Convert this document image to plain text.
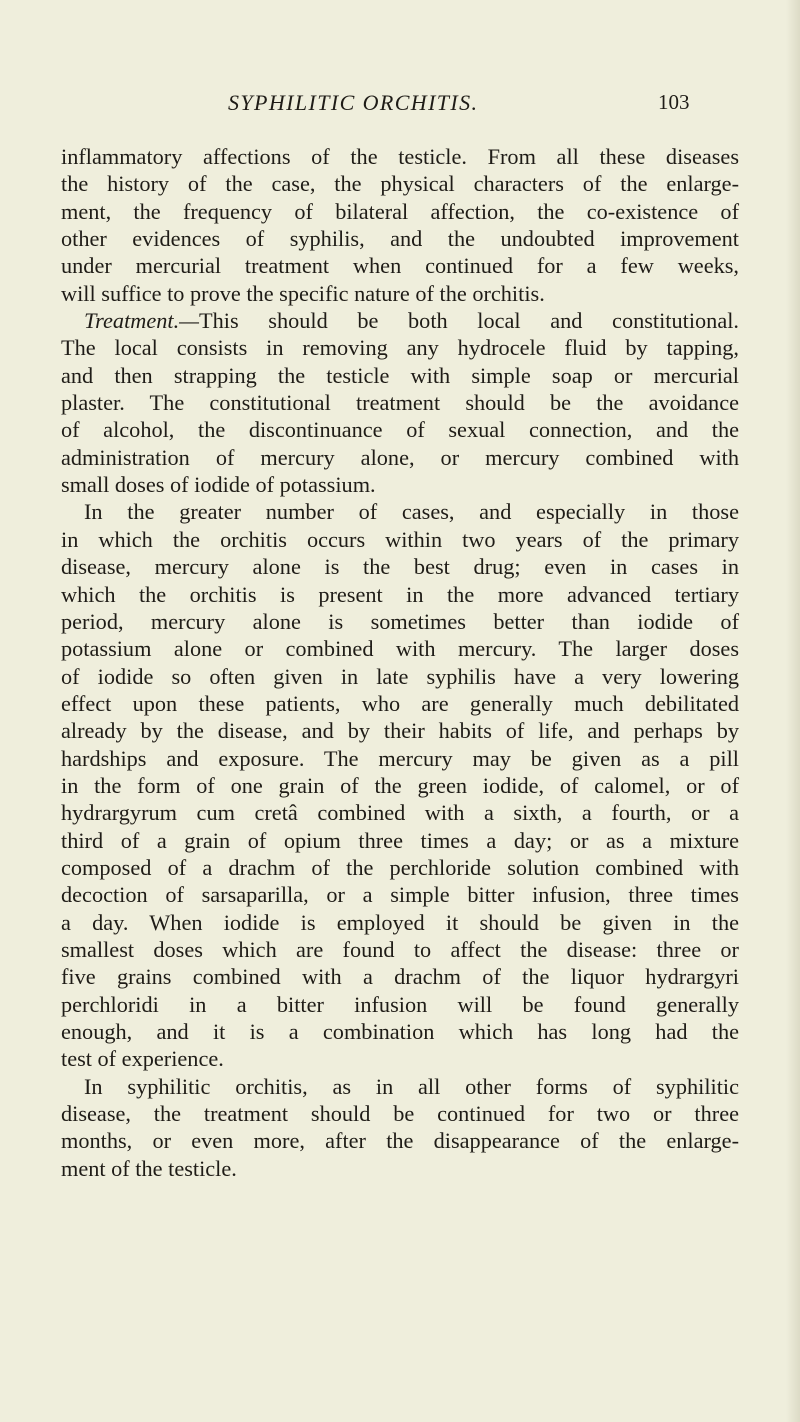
SYPHILITIC ORCHITIS.	103
inflammatory affections of the testicle. From all these diseases
the history of the case, the physical characters of the enlarge-
ment, the frequency of bilateral affection, the co-existence of
other evidences of syphilis, and the undoubted improvement
under mercurial treatment when continued for a few weeks,
will suffice to prove the specific nature of the orchitis.
Treatment.—This should be both local and constitutional.
The local consists in removing any hydrocele fluid by tapping,
and then strapping the testicle with simple soap or mercurial
plaster. The constitutional treatment should be the avoidance
of alcohol, the discontinuance of sexual connection, and the
administration of mercury alone, or mercury combined with
small doses of iodide of potassium.
In the greater number of cases, and especially in those
in which the orchitis occurs within two years of the primary
disease, mercury alone is the best drug; even in cases in
which the orchitis is present in the more advanced tertiary
period, mercury alone is sometimes better than iodide of
potassium alone or combined with mercury. The larger doses
of iodide so often given in late syphilis have a very lowering
effect upon these patients, who are generally much debilitated
already by the disease, and by their habits of life, and perhaps by
hardships and exposure. The mercury may be given as a pill
in the form of one grain of the green iodide, of calomel, or of
hydrargyrum cum cretâ combined with a sixth, a fourth, or a
third of a grain of opium three times a day; or as a mixture
composed of a drachm of the perchloride solution combined with
decoction of sarsaparilla, or a simple bitter infusion, three times
a day. When iodide is employed it should be given in the
smallest doses which are found to affect the disease: three or
five grains combined with a drachm of the liquor hydrargyri
perchloridi in a bitter infusion will be found generally
enough, and it is a combination which has long had the
test of experience.
In syphilitic orchitis, as in all other forms of syphilitic
disease, the treatment should be continued for two or three
months, or even more, after the disappearance of the enlarge-
ment of the testicle.
